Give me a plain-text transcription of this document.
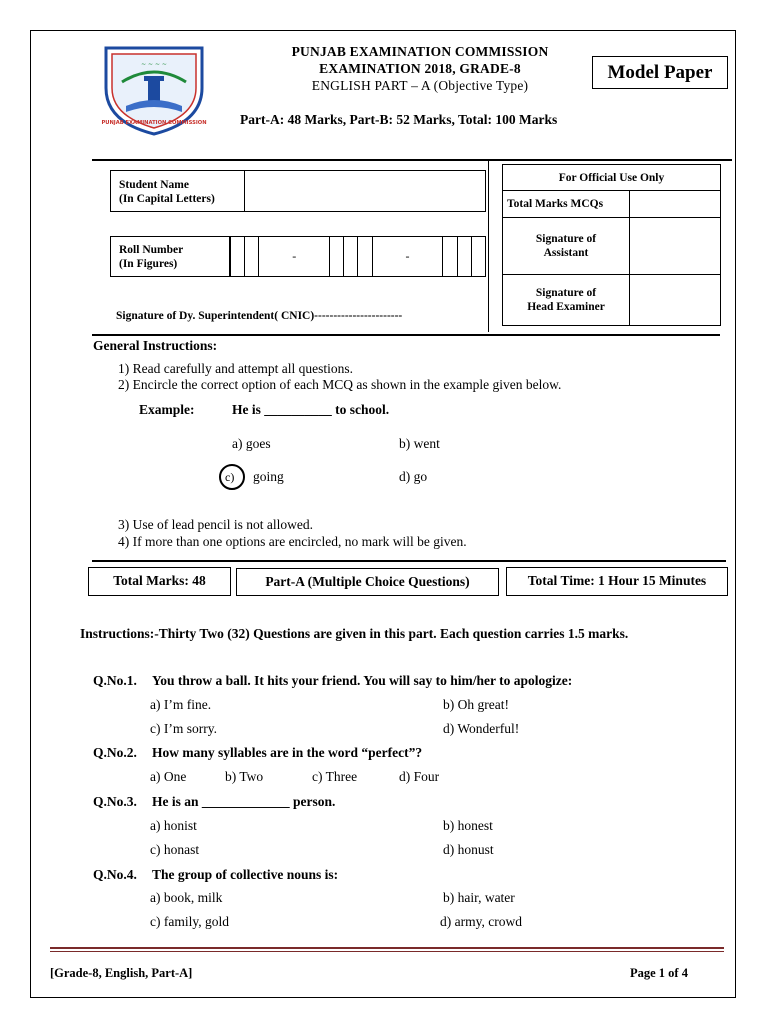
~ ~ ~ ~
PUNJAB EXAMINATION COMMISSION
PUNJAB EXAMINATION COMMISSION
EXAMINATION 2018, GRADE-8
ENGLISH PART – A (Objective Type)
Part-A: 48 Marks, Part-B: 52 Marks, Total: 100 Marks
Model Paper
Student Name
(In Capital Letters)
Roll Number
(In Figures)
		-				-			
Signature of Dy. Superintendent( CNIC)-----------------------
For Official Use Only	
Total Marks MCQs	

Signature of
Assistant	

Signature of
Head Examiner	

General Instructions:
1) Read carefully and attempt all questions.
2) Encircle the correct option of each MCQ as shown in the example given below.
Example:	He is __________ to school.
a) goes	b) went
c) going	d) go
3) Use of lead pencil is not allowed.
4) If more than one options are encircled, no mark will be given.
Total Marks: 48	Part-A (Multiple Choice Questions)	Total Time: 1 Hour 15 Minutes
Instructions:-Thirty Two (32) Questions are given in this part. Each question carries 1.5 marks.
Q.No.1. You throw a ball. It hits your friend. You will say to him/her to apologize:
a) I’m fine.	b) Oh great!
c) I’m sorry.	d) Wonderful!
Q.No.2. How many syllables are in the word “perfect”?
a) One	b) Two	c) Three	d) Four
Q.No.3. He is an _____________ person.
a) honist	b) honest
c) honast	d) honust
Q.No.4. The group of collective nouns is:
a) book, milk	b) hair, water
c) family, gold	d) army, crowd
[Grade-8, English, Part-A]	Page 1 of 4
